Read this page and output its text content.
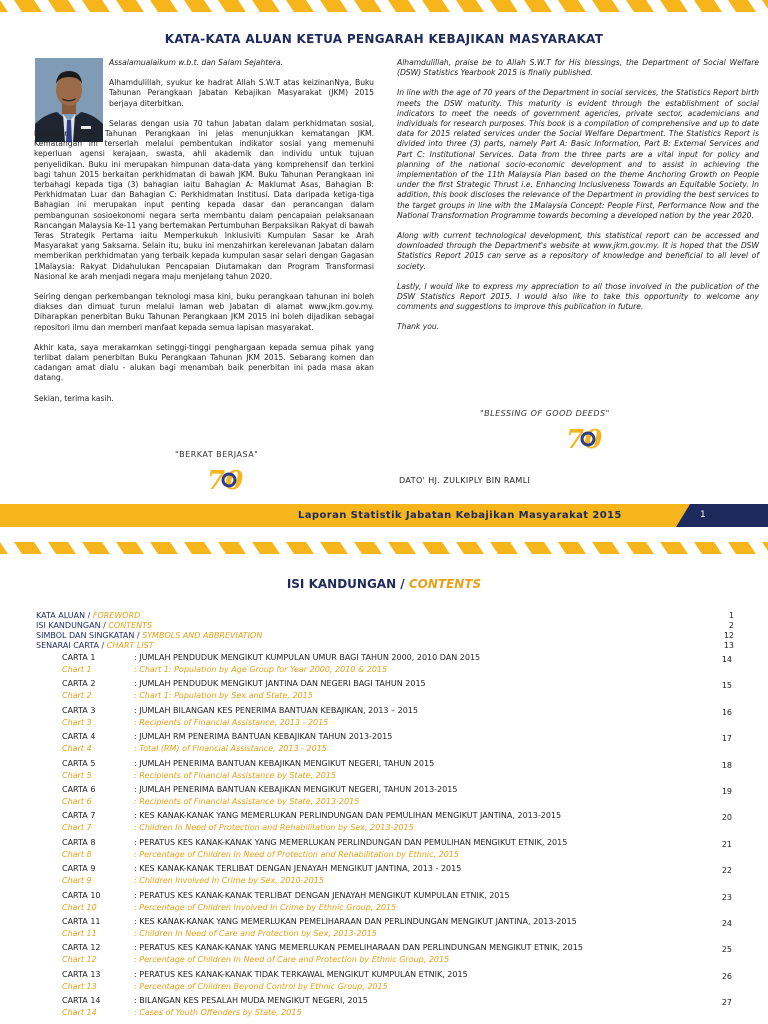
KATA-KATA ALUAN KETUA PENGARAH KEBAJIKAN MASYARAKAT

Assalamualaikum w.b.t. dan Salam Sejahtera.

Alhamdulillah, syukur ke hadrat Allah S.W.T atas keizinanNya, Buku Tahunan Perangkaan Jabatan Kebajikan Masyarakat (JKM) 2015 berjaya diterbitkan.

Selaras dengan usia 70 tahun Jabatan dalam perkhidmatan sosial, kelahiran Buku Tahunan Perangkaan ini jelas menunjukkan kematangan JKM. Kematangan ini terserlah melalui pembentukan indikator sosial yang memenuhi keperluan agensi kerajaan, swasta, ahli akademik dan individu untuk tujuan penyelidikan. Buku ini merupakan himpunan data-data yang komprehensif dan terkini bagi tahun 2015 berkaitan perkhidmatan di bawah JKM. Buku Tahunan Perangkaan ini terbahagi kepada tiga (3) bahagian iaitu Bahagian A: Maklumat Asas, Bahagian B: Perkhidmatan Luar dan Bahagian C: Perkhidmatan Institusi. Data daripada ketiga-tiga Bahagian ini merupakan input penting kepada dasar dan perancangan dalam pembangunan sosioekonomi negara serta membantu dalam pencapaian pelaksanaan Rancangan Malaysia Ke-11 yang bertemakan Pertumbuhan Berpaksikan Rakyat di bawah Teras Strategik Pertama iaitu Memperkukuh Inklusiviti Kumpulan Sasar ke Arah Masyarakat yang Saksama. Selain itu, buku ini menzahirkan kerelevanan Jabatan dalam memberikan perkhidmatan yang terbaik kepada kumpulan sasar selari dengan Gagasan 1Malaysia: Rakyat Didahulukan Pencapaian Diutamakan dan Program Transformasi Nasional ke arah menjadi negara maju menjelang tahun 2020.

Seiring dengan perkembangan teknologi masa kini, buku perangkaan tahunan ini boleh diakses dan dimuat turun melalui laman web Jabatan di alamat www.jkm.gov.my. Diharapkan penerbitan Buku Tahunan Perangkaan JKM 2015 ini boleh dijadikan sebagai repositori ilmu dan memberi manfaat kepada semua lapisan masyarakat.

Akhir kata, saya merakamkan setinggi-tinggi penghargaan kepada semua pihak yang terlibat dalam penerbitan Buku Perangkaan Tahunan JKM 2015. Sebarang komen dan cadangan amat dialu - alukan bagi menambah baik penerbitan ini pada masa akan datang.

Sekian, terima kasih.

"BERKAT BERJASA"
70

Alhamdulillah, praise be to Allah S.W.T for His blessings, the Department of Social Welfare (DSW) Statistics Yearbook 2015 is finally published.

In line with the age of 70 years of the Department in social services, the Statistics Report birth meets the DSW maturity. This maturity is evident through the establishment of social indicators to meet the needs of government agencies, private sector, academicians and individuals for research purposes. This book is a compilation of comprehensive and up to date data for 2015 related services under the Social Welfare Department. The Statistics Report is divided into three (3) parts, namely Part A: Basic Information, Part B: External Services and Part C: Institutional Services. Data from the three parts are a vital input for policy and planning of the national socio-economic development and to assist in achieving the implementation of the 11th Malaysia Plan based on the theme Anchoring Growth on People under the first Strategic Thrust i.e. Enhancing Inclusiveness Towards an Equitable Society. In addition, this book discloses the relevance of the Department in providing the best services to the target groups in line with the 1Malaysia Concept: People First, Performance Now and the National Transformation Programme towards becoming a developed nation by the year 2020.

Along with current technological development, this statistical report can be accessed and downloaded through the Department's website at www.jkm.gov.my. It is hoped that the DSW Statistics Report 2015 can serve as a repository of knowledge and beneficial to all level of society.

Lastly, I would like to express my appreciation to all those involved in the publication of the DSW Statistics Report 2015. I would also like to take this opportunity to welcome any comments and suggestions to improve this publication in future.

Thank you.

"BLESSING OF GOOD DEEDS"
70
DATO' HJ. ZULKIPLY BIN RAMLI
Laporan Statistik Jabatan Kebajikan Masyarakat 2015	1
ISI KANDUNGAN / CONTENTS
KATA ALUAN / FOREWORD	1
ISI KANDUNGAN / CONTENTS	2
SIMBOL DAN SINGKATAN / SYMBOLS AND ABBREVIATION	12
SENARAI CARTA / CHART LIST	13
CARTA 1	: JUMLAH PENDUDUK MENGIKUT KUMPULAN UMUR BAGI TAHUN 2000, 2010 DAN 2015	14
Chart 1	: Chart 1: Population by Age Group for Year 2000, 2010 & 2015
CARTA 2	: JUMLAH PENDUDUK MENGIKUT JANTINA DAN NEGERI BAGI TAHUN 2015	15
Chart 2	: Chart 1: Population by Sex and State, 2015
CARTA 3	: JUMLAH BILANGAN KES PENERIMA BANTUAN KEBAJIKAN, 2013 – 2015	16
Chart 3	: Recipients of Financial Assistance, 2013 - 2015
CARTA 4	: JUMLAH RM PENERIMA BANTUAN KEBAJIKAN TAHUN 2013-2015	17
Chart 4	: Total (RM) of Financial Assistance, 2013 - 2015
CARTA 5	: JUMLAH PENERIMA BANTUAN KEBAJIKAN MENGIKUT NEGERI, TAHUN 2015	18
Chart 5	: Recipients of Financial Assistance by State, 2015
CARTA 6	: JUMLAH PENERIMA BANTUAN KEBAJIKAN MENGIKUT NEGERI, TAHUN 2013-2015	19
Chart 6	: Recipients of Financial Assistance by State, 2013-2015
CARTA 7	: KES KANAK-KANAK YANG MEMERLUKAN PERLINDUNGAN DAN PEMULIHAN MENGIKUT JANTINA, 2013-2015	20
Chart 7	: Children In Need of Protection and Rehabilitation by Sex, 2013-2015
CARTA 8	: PERATUS KES KANAK-KANAK YANG MEMERLUKAN PERLINDUNGAN DAN PEMULIHAN MENGIKUT ETNIK, 2015	21
Chart 8	: Percentage of Children In Need of Protection and Rehabilitation by Ethnic, 2015
CARTA 9	: KES KANAK-KANAK TERLIBAT DENGAN JENAYAH MENGIKUT JANTINA, 2013 - 2015	22
Chart 9	: Children Involved In Crime by Sex, 2010-2015
CARTA 10	: PERATUS KES KANAK-KANAK TERLIBAT DENGAN JENAYAH MENGIKUT KUMPULAN ETNIK, 2015	23
Chart 10	: Percentage of Children Involved In Crime by Ethnic Group, 2015
CARTA 11	: KES KANAK-KANAK YANG MEMERLUKAN PEMELIHARAAN DAN PERLINDUNGAN MENGIKUT JANTINA, 2013-2015	24
Chart 11	: Children In Need of Care and Protection by Sex, 2013-2015
CARTA 12	: PERATUS KES KANAK-KANAK YANG MEMERLUKAN PEMELIHARAAN DAN PERLINDUNGAN MENGIKUT ETNIK, 2015	25
Chart 12	: Percentage of Children In Need of Care and Protection by Ethnic Group, 2015
CARTA 13	: PERATUS KES KANAK-KANAK TIDAK TERKAWAL MENGIKUT KUMPULAN ETNIK, 2015	26
Chart 13	: Percentage of Children Beyond Control by Ethnic Group, 2015
CARTA 14	: BILANGAN KES PESALAH MUDA MENGIKUT NEGERI, 2015	27
Chart 14	: Cases of Youth Offenders by State, 2015
